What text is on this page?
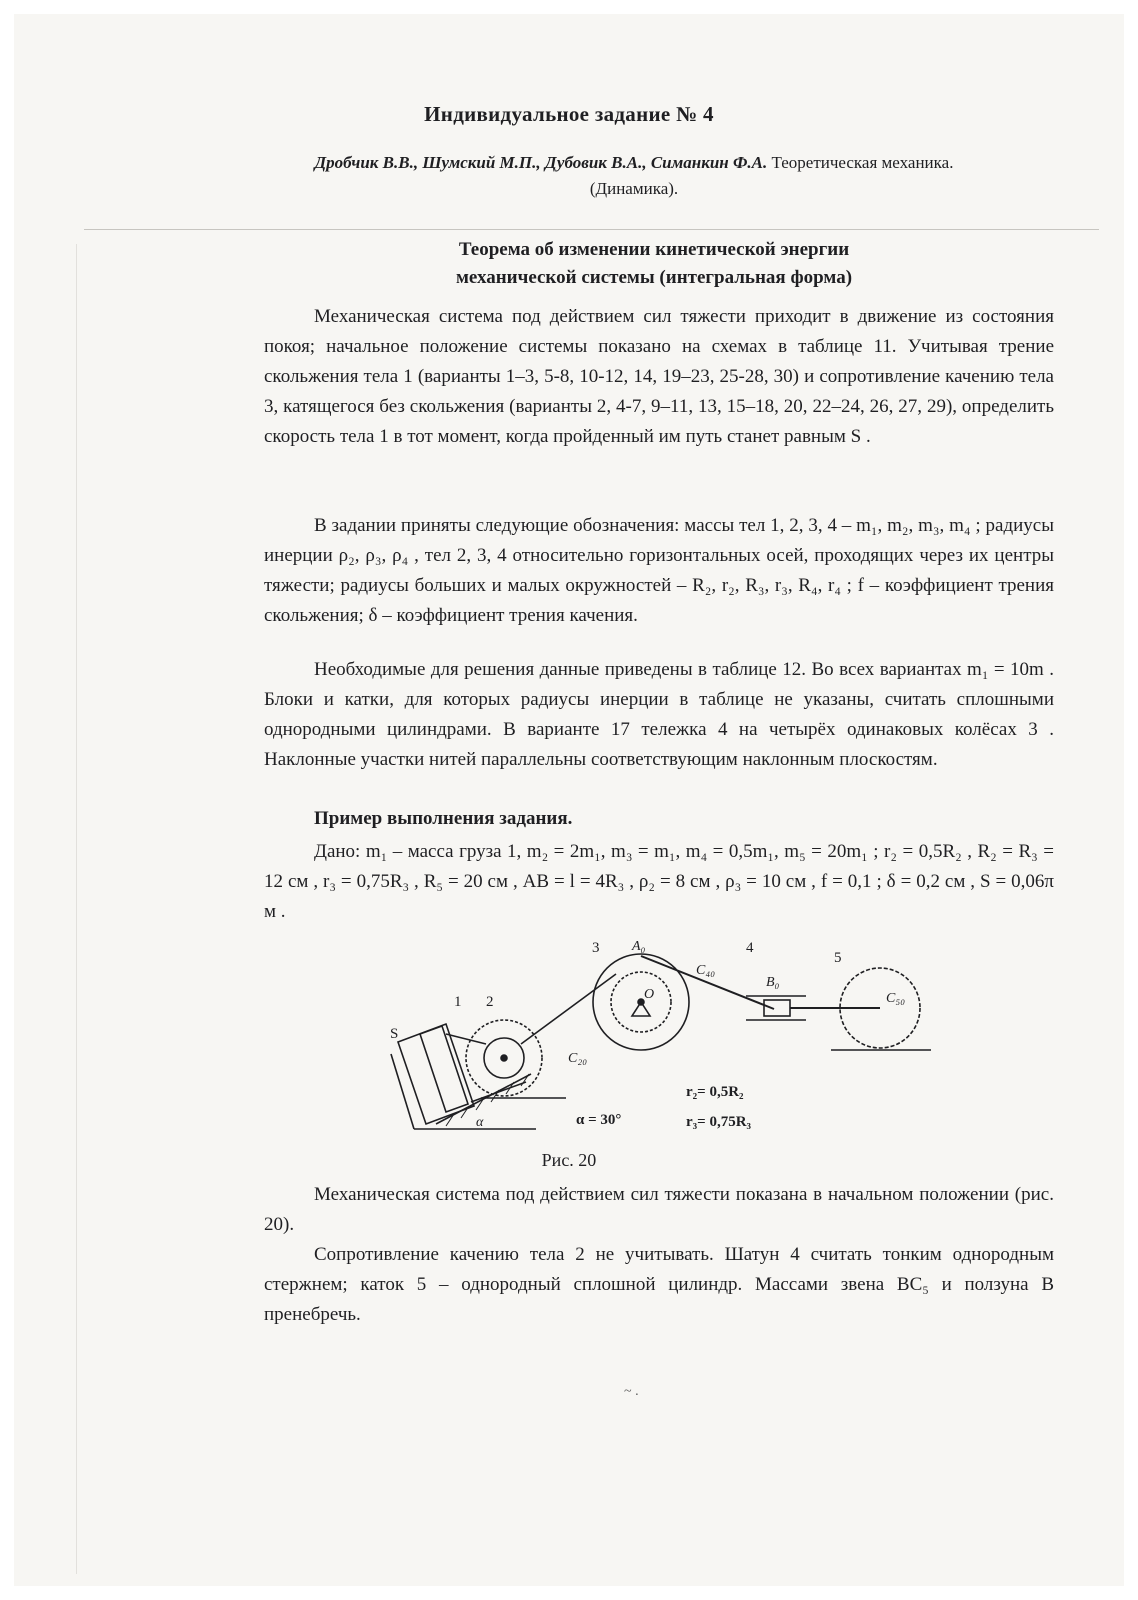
Индивидуальное задание № 4
Дробчик В.В., Шумский М.П., Дубовик В.А., Симанкин Ф.А. Теоретическая механика.
(Динамика).
Теорема об изменении кинетической энергии
механической системы (интегральная форма)

Механическая система под действием сил тяжести приходит в движение из состояния покоя; начальное положение системы показано на схемах в таблице 11. Учитывая трение скольжения тела 1 (варианты 1–3, 5-8, 10-12, 14, 19–23, 25-28, 30) и сопротивление качению тела 3, катящегося без скольжения (варианты 2, 4-7, 9–11, 13, 15–18, 20, 22–24, 26, 27, 29), определить скорость тела 1 в тот момент, когда пройденный им путь станет равным S .

В задании приняты следующие обозначения: массы тел 1, 2, 3, 4 – m₁, m₂, m₃, m₄ ; радиусы инерции ρ₂, ρ₃, ρ₄ , тел 2, 3, 4 относительно горизонтальных осей, проходящих через их центры тяжести; радиусы больших и малых окружностей – R₂, r₂, R₃, r₃, R₄, r₄ ; f – коэффициент трения скольжения; δ – коэффициент трения качения.

Необходимые для решения данные приведены в таблице 12. Во всех вариантах m₁ = 10m . Блоки и катки, для которых радиусы инерции в таблице не указаны, считать сплошными однородными цилиндрами. В варианте 17 тележка 4 на четырёх одинаковых колёсах 3 . Наклонные участки нитей параллельны соответствующим наклонным плоскостям.

Пример выполнения задания.

Дано: m₁ – масса груза 1, m₂ = 2m₁, m₃ = m₁, m₄ = 0,5m₁, m₅ = 20m₁ ; r₂ = 0,5R₂ , R₂ = R₃ = 12 см , r₃ = 0,75R₃ , R₅ = 20 см , AB = l = 4R₃ , ρ₂ = 8 см , ρ₃ = 10 см , f = 0,1 ; δ = 0,2 см , S = 0,06π м .

S
1 2
3 A₀
O
C₄₀
4
B₀
5
C₅₀
C₂₀
α	α = 30°
r₂= 0,5R₂
r₃= 0,75R₃
Рис. 20

Механическая система под действием сил тяжести показана в начальном положении (рис. 20).

Сопротивление качению тела 2 не учитывать. Шатун 4 считать тонким однородным стержнем; каток 5 – однородный сплошной цилиндр. Массами звена BC₅ и ползуна B пренебречь.

~ .
